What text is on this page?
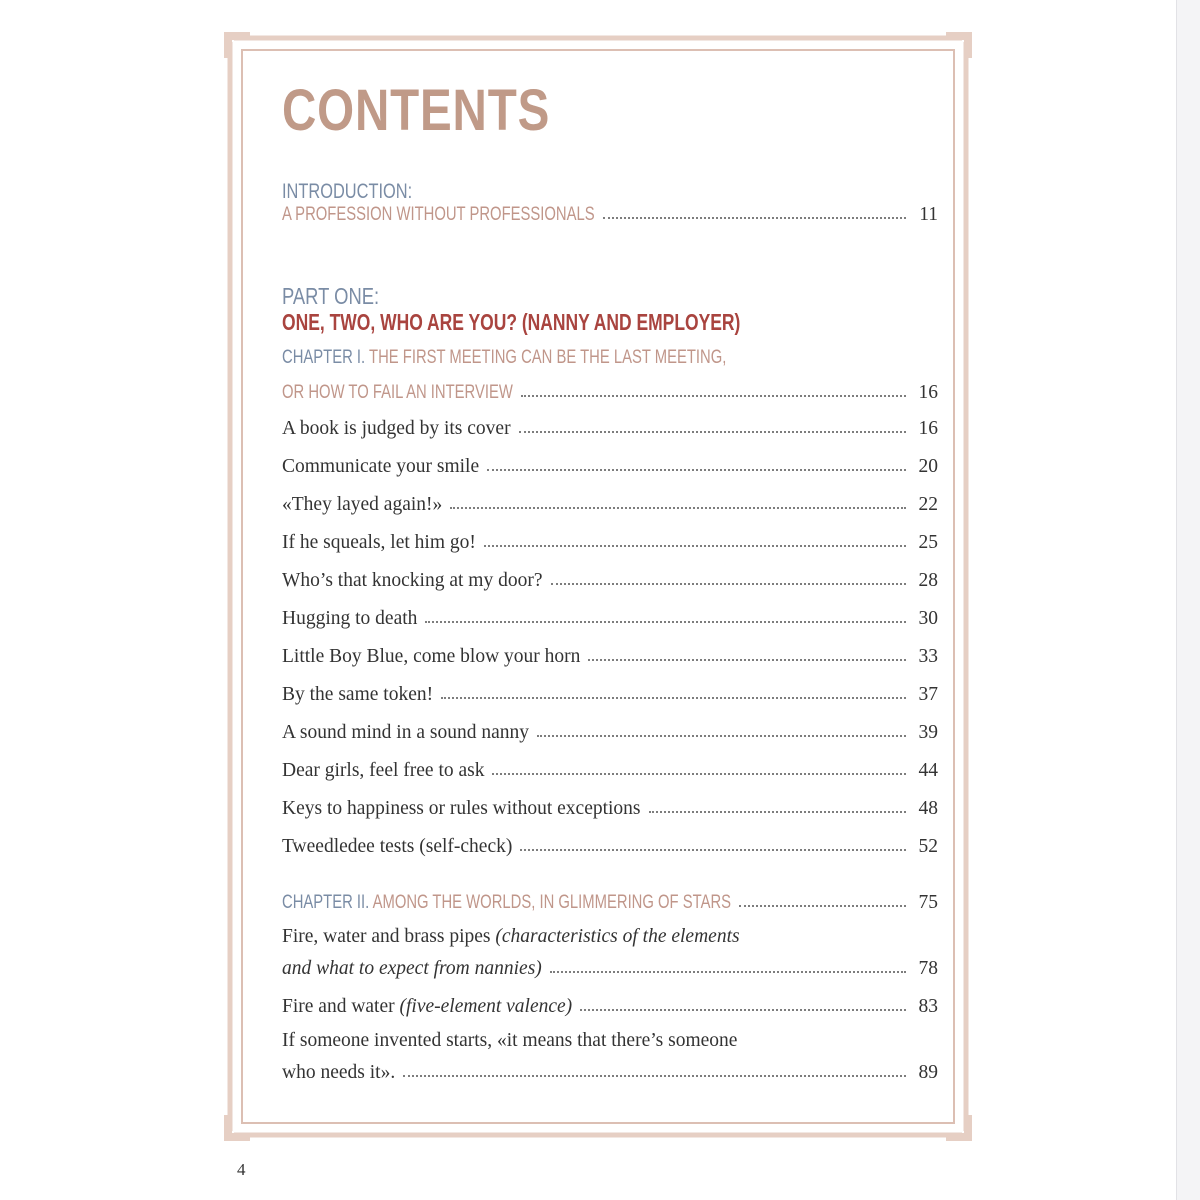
CONTENTS
INTRODUCTION:
A PROFESSION WITHOUT PROFESSIONALS	11
PART ONE:
ONE, TWO, WHO ARE YOU? (NANNY AND EMPLOYER)
CHAPTER I. THE FIRST MEETING CAN BE THE LAST MEETING,
OR HOW TO FAIL AN INTERVIEW	16
A book is judged by its cover	16
Communicate your smile	20
«They layed again!»	22
If he squeals, let him go!	25
Who’s that knocking at my door?	28
Hugging to death	30
Little Boy Blue, come blow your horn	33
By the same token!	37
A sound mind in a sound nanny	39
Dear girls, feel free to ask	44
Keys to happiness or rules without exceptions	48
Tweedledee tests (self-check)	52
CHAPTER II. AMONG THE WORLDS, IN GLIMMERING OF STARS	75
Fire, water and brass pipes (characteristics of the elements
and what to expect from nannies)	78
Fire and water (five-element valence)	83
If someone invented starts, «it means that there’s someone
who needs it».	89
4
